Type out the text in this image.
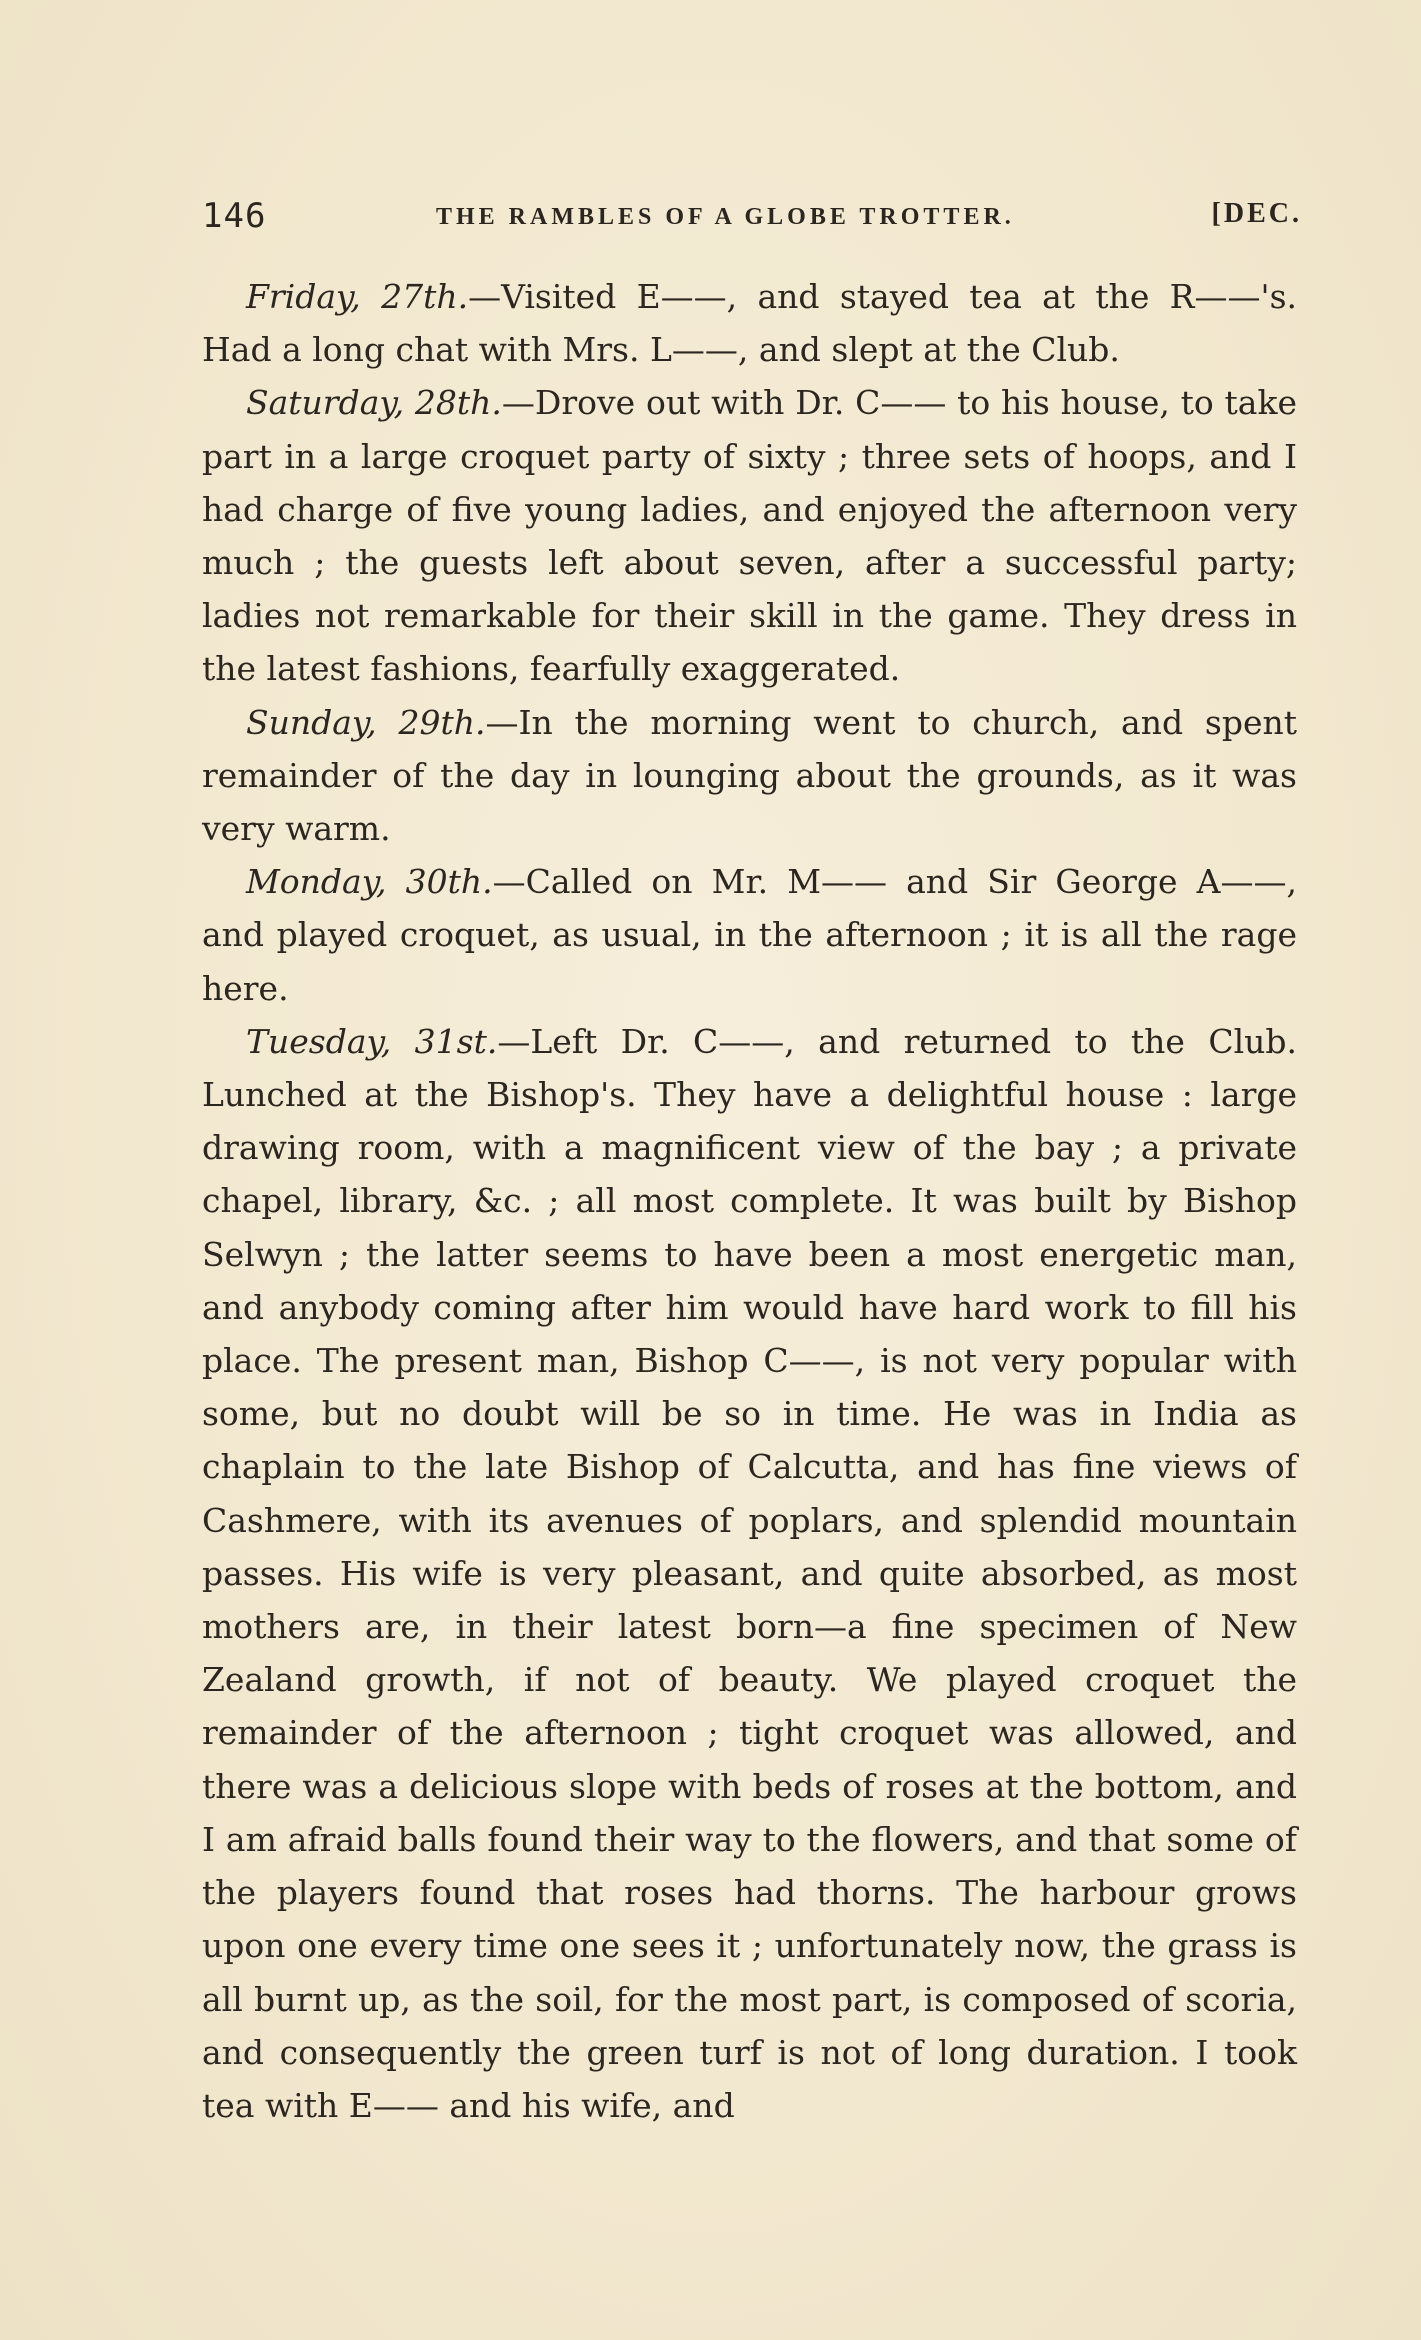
146	THE RAMBLES OF A GLOBE TROTTER.	[DEC.

Friday, 27th.—Visited E——, and stayed tea at the R——'s. Had a long chat with Mrs. L——, and slept at the Club.

Saturday, 28th.—Drove out with Dr. C—— to his house, to take part in a large croquet party of sixty ; three sets of hoops, and I had charge of five young ladies, and enjoyed the afternoon very much ; the guests left about seven, after a successful party; ladies not remarkable for their skill in the game. They dress in the latest fashions, fearfully exaggerated.

Sunday, 29th.—In the morning went to church, and spent remainder of the day in lounging about the grounds, as it was very warm.

Monday, 30th.—Called on Mr. M—— and Sir George A——, and played croquet, as usual, in the afternoon ; it is all the rage here.

Tuesday, 31st.—Left Dr. C——, and returned to the Club. Lunched at the Bishop's. They have a delightful house : large drawing room, with a magnificent view of the bay ; a private chapel, library, &c. ; all most complete. It was built by Bishop Selwyn ; the latter seems to have been a most energetic man, and anybody coming after him would have hard work to fill his place. The present man, Bishop C——, is not very popular with some, but no doubt will be so in time. He was in India as chaplain to the late Bishop of Calcutta, and has fine views of Cashmere, with its avenues of poplars, and splendid mountain passes. His wife is very pleasant, and quite absorbed, as most mothers are, in their latest born—a fine specimen of New Zealand growth, if not of beauty. We played croquet the remainder of the afternoon ; tight croquet was allowed, and there was a delicious slope with beds of roses at the bottom, and I am afraid balls found their way to the flowers, and that some of the players found that roses had thorns. The harbour grows upon one every time one sees it ; unfortunately now, the grass is all burnt up, as the soil, for the most part, is composed of scoria, and consequently the green turf is not of long duration. I took tea with E—— and his wife, and
